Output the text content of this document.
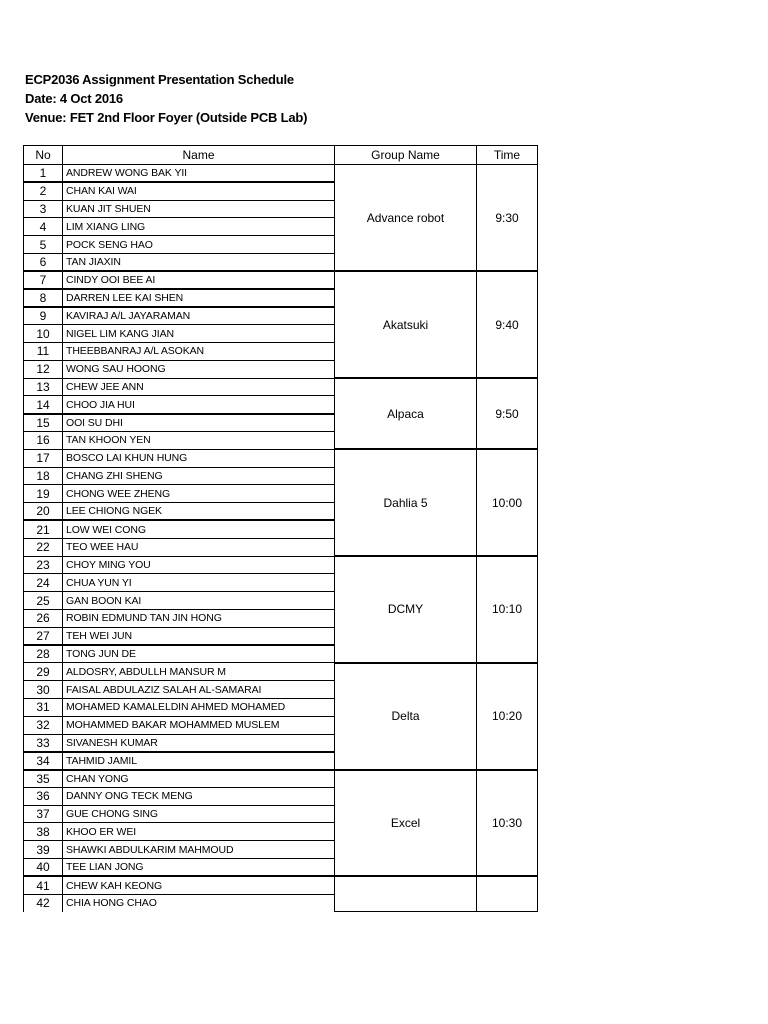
ECP2036 Assignment Presentation Schedule
Date: 4 Oct 2016
Venue: FET 2nd Floor Foyer (Outside PCB Lab)
No	Name	Group Name	Time
1	ANDREW WONG BAK YII	Advance robot	9:30
2	CHAN KAI WAI		
3	KUAN JIT SHUEN		
4	LIM XIANG LING		
5	POCK SENG HAO		
6	TAN JIAXIN		
7	CINDY OOI BEE AI	Akatsuki	9:40
8	DARREN LEE KAI SHEN		
9	KAVIRAJ A/L JAYARAMAN		
10	NIGEL LIM KANG JIAN		
11	THEEBBANRAJ A/L ASOKAN		
12	WONG SAU HOONG		
13	CHEW JEE ANN	Alpaca	9:50
14	CHOO JIA HUI		
15	OOI SU DHI		
16	TAN KHOON YEN		
17	BOSCO LAI KHUN HUNG	Dahlia 5	10:00
18	CHANG ZHI SHENG		
19	CHONG WEE ZHENG		
20	LEE CHIONG NGEK		
21	LOW WEI CONG		
22	TEO WEE HAU		
23	CHOY MING YOU	DCMY	10:10
24	CHUA YUN YI		
25	GAN BOON KAI		
26	ROBIN EDMUND TAN JIN HONG		
27	TEH WEI JUN		
28	TONG JUN DE		
29	ALDOSRY, ABDULLH MANSUR M	Delta	10:20
30	FAISAL ABDULAZIZ SALAH AL-SAMARAI		
31	MOHAMED KAMALELDIN AHMED MOHAMED		
32	MOHAMMED BAKAR MOHAMMED MUSLEM		
33	SIVANESH KUMAR		
34	TAHMID JAMIL		
35	CHAN YONG	Excel	10:30
36	DANNY ONG TECK MENG		
37	GUE CHONG SING		
38	KHOO ER WEI		
39	SHAWKI ABDULKARIM MAHMOUD		
40	TEE LIAN JONG		
41	CHEW KAH KEONG		
42	CHIA HONG CHAO		
